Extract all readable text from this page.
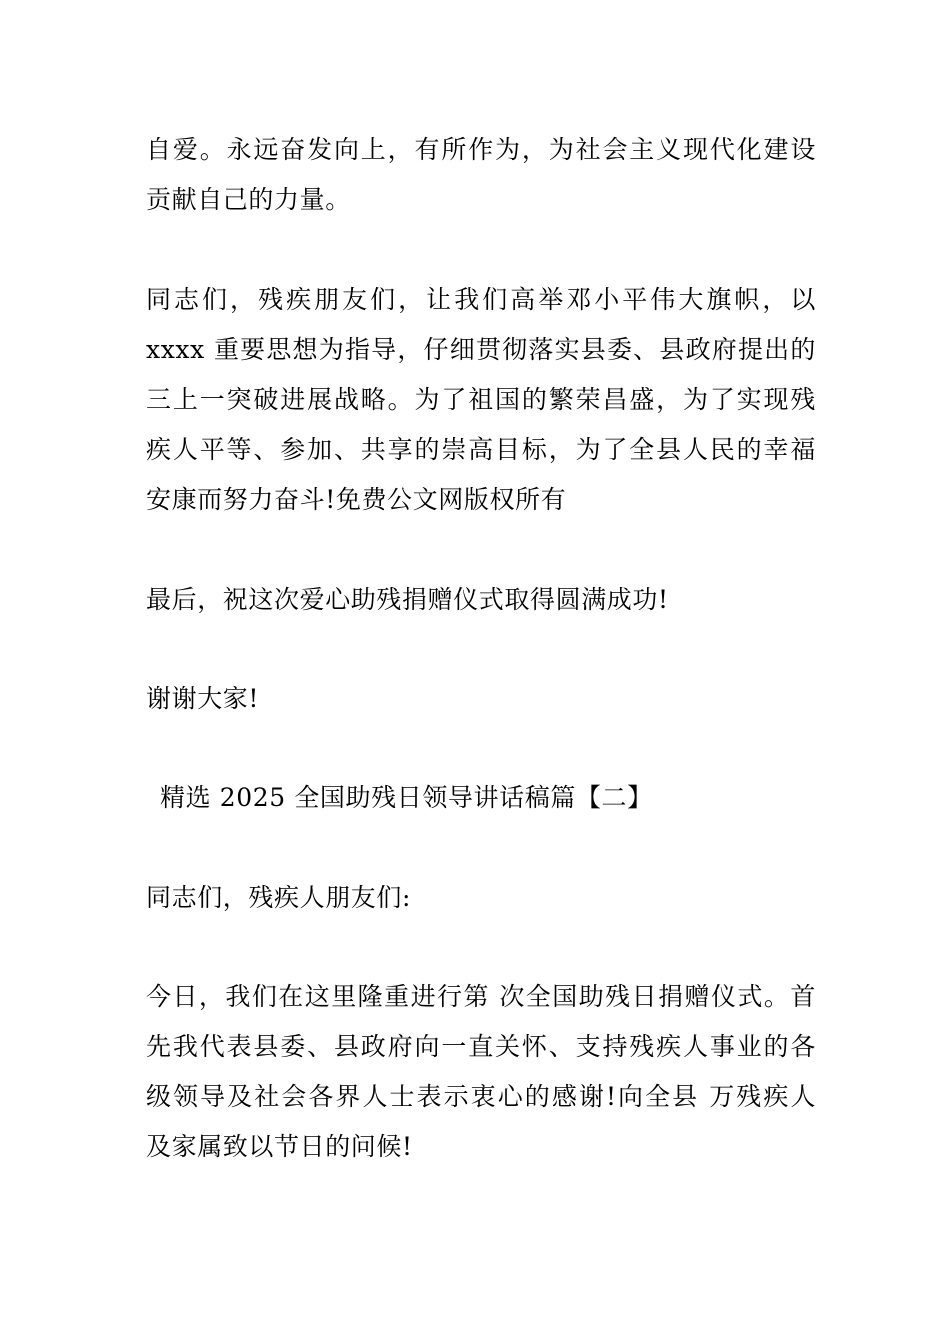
自爱。永远奋发向上，有所作为，为社会主义现代化建设
贡献自己的力量。
同志们，残疾朋友们，让我们高举邓小平伟大旗帜，以
xxxx 重要思想为指导，仔细贯彻落实县委、县政府提出的
三上一突破进展战略。为了祖国的繁荣昌盛，为了实现残
疾人平等、参加、共享的崇高目标，为了全县人民的幸福
安康而努力奋斗!免费公文网版权所有
最后，祝这次爱心助残捐赠仪式取得圆满成功!
谢谢大家!
精选 2025 全国助残日领导讲话稿篇【二】
同志们，残疾人朋友们:
今日，我们在这里隆重进行第 次全国助残日捐赠仪式。首
先我代表县委、县政府向一直关怀、支持残疾人事业的各
级领导及社会各界人士表示衷心的感谢!向全县 万残疾人
及家属致以节日的问候!
